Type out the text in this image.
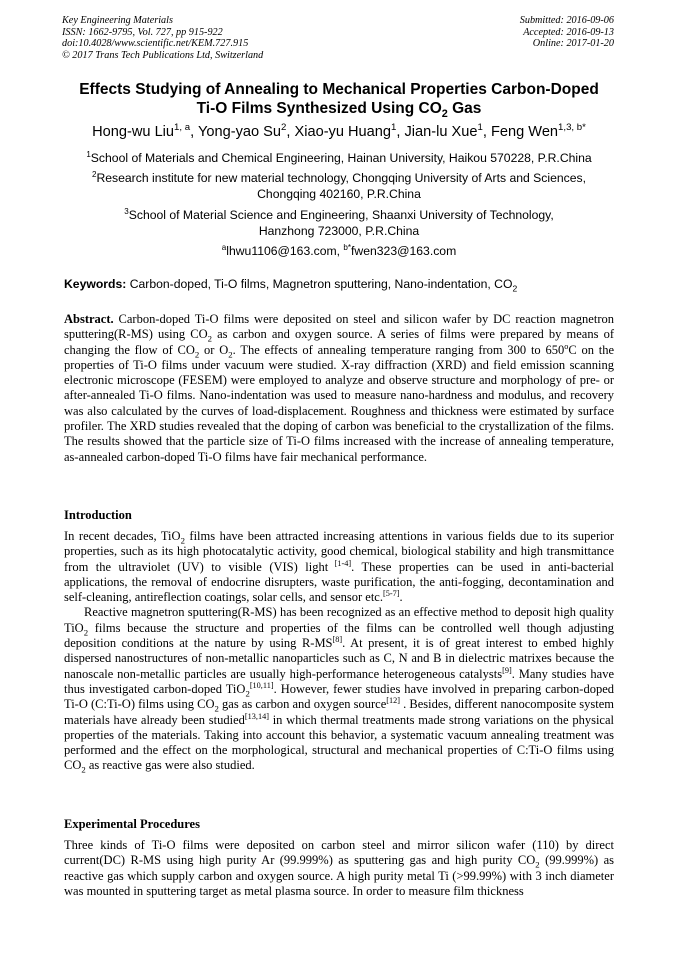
Key Engineering Materials
ISSN: 1662-9795, Vol. 727, pp 915-922
doi:10.4028/www.scientific.net/KEM.727.915
© 2017 Trans Tech Publications Ltd, Switzerland
Submitted: 2016-09-06
Accepted: 2016-09-13
Online: 2017-01-20
Effects Studying of Annealing to Mechanical Properties Carbon-Doped
Ti-O Films Synthesized Using $CO_2$ Gas
Hong-wu Liu$^{1, a}$, Yong-yao Su$^2$, Xiao-yu Huang$^1$, Jian-lu Xue$^1$, Feng Wen$^{1,3, b*}$
$^1$School of Materials and Chemical Engineering, Hainan University, Haikou 570228, P.R.China
$^2$Research institute for new material technology, Chongqing University of Arts and Sciences,
Chongqing 402160, P.R.China
$^3$School of Material Science and Engineering, Shaanxi University of Technology,
Hanzhong 723000, P.R.China
$^a$lhwu1106@163.com, $^{b*}$fwen323@163.com
Keywords: Carbon-doped, Ti-O films, Magnetron sputtering, Nano-indentation, $CO_2$

Abstract. Carbon-doped Ti-O films were deposited on steel and silicon wafer by DC reaction magnetron sputtering(R-MS) using $CO_2$ as carbon and oxygen source. A series of films were prepared by means of changing the flow of $CO_2$ or $O_2$. The effects of annealing temperature ranging from 300 to 650$^o$C on the properties of Ti-O films under vacuum were studied. X-ray diffraction (XRD) and field emission scanning electronic microscope (FESEM) were employed to analyze and observe structure and morphology of pre- or after-annealed Ti-O films. Nano-indentation was used to measure nano-hardness and modulus, and recovery was also calculated by the curves of load-displacement. Roughness and thickness were estimated by surface profiler. The XRD studies revealed that the doping of carbon was beneficial to the crystallization of the films. The results showed that the particle size of Ti-O films increased with the increase of annealing temperature, as-annealed carbon-doped Ti-O films have fair mechanical performance.

Introduction

In recent decades, TiO$_2$ films have been attracted increasing attentions in various fields due to its superior properties, such as its high photocatalytic activity, good chemical, biological stability and high transmittance from the ultraviolet (UV) to visible (VIS) light [1-4]. These properties can be used in anti-bacterial applications, the removal of endocrine disrupters, waste purification, the anti-fogging, decontamination and self-cleaning, antireflection coatings, solar cells, and sensor etc.[5-7].

Reactive magnetron sputtering(R-MS) has been recognized as an effective method to deposit high quality TiO$_2$ films because the structure and properties of the films can be controlled well though adjusting deposition conditions at the nature by using R-MS[8]. At present, it is of great interest to embed highly dispersed nanostructures of non-metallic nanoparticles such as C, N and B in dielectric matrixes because the nanoscale non-metallic particles are usually high-performance heterogeneous catalysts[9]. Many studies have thus investigated carbon-doped TiO$_2$[10,11]. However, fewer studies have involved in preparing carbon-doped Ti-O (C:Ti-O) films using $CO_2$ gas as carbon and oxygen source[12] . Besides, different nanocomposite system materials have already been studied[13,14] in which thermal treatments made strong variations on the physical properties of the materials. Taking into account this behavior, a systematic vacuum annealing treatment was performed and the effect on the morphological, structural and mechanical properties of C:Ti-O films using $CO_2$ as reactive gas were also studied.

Experimental Procedures

Three kinds of Ti-O films were deposited on carbon steel and mirror silicon wafer (110) by direct current(DC) R-MS using high purity Ar (99.999%) as sputtering gas and high purity $CO_2$ (99.999%) as reactive gas which supply carbon and oxygen source. A high purity metal Ti (>99.99%) with 3 inch diameter was mounted in sputtering target as metal plasma source. In order to measure film thickness
